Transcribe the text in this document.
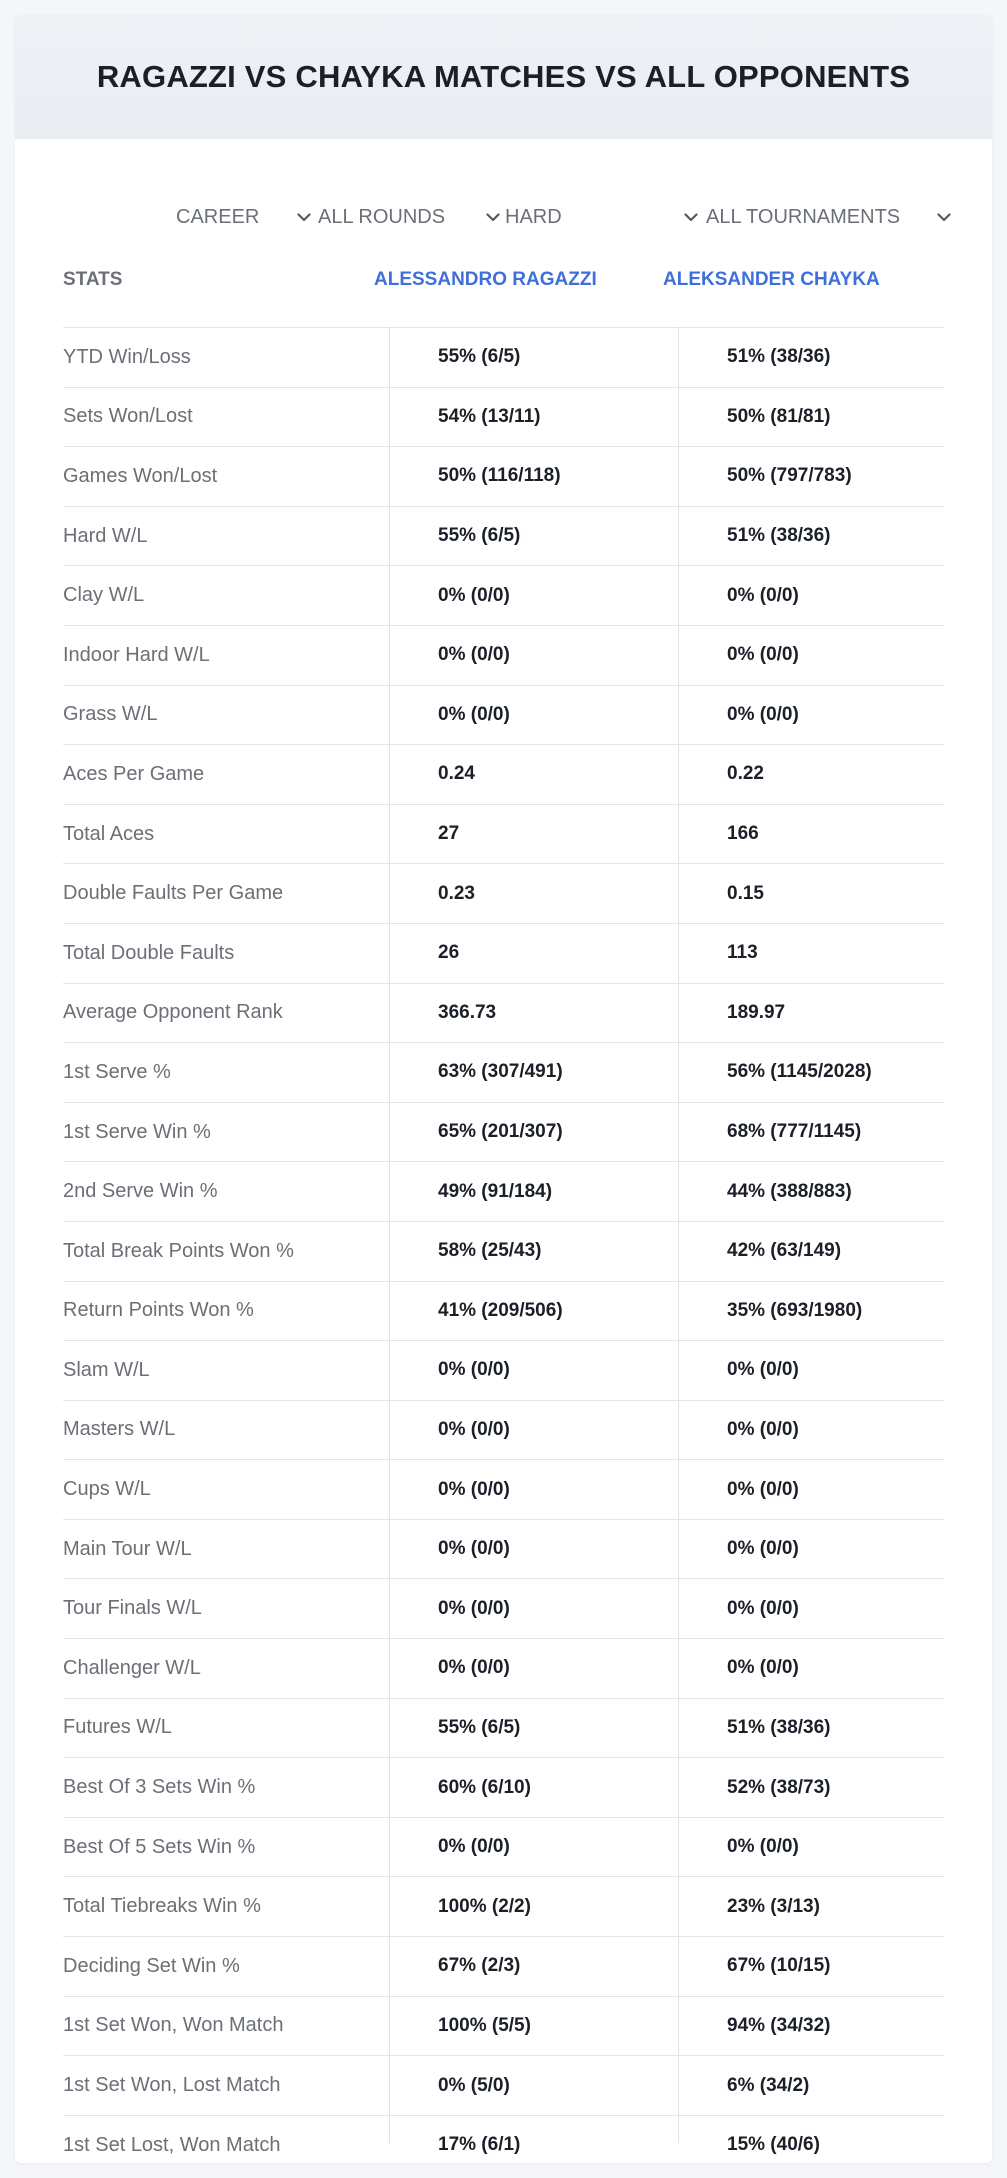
RAGAZZI VS CHAYKA MATCHES VS ALL OPPONENTS
CAREER	ALL ROUNDS	HARD	ALL TOURNAMENTS
STATS	ALESSANDRO RAGAZZI	ALEKSANDER CHAYKA
YTD Win/Loss	55% (6/5)	51% (38/36)
Sets Won/Lost	54% (13/11)	50% (81/81)
Games Won/Lost	50% (116/118)	50% (797/783)
Hard W/L	55% (6/5)	51% (38/36)
Clay W/L	0% (0/0)	0% (0/0)
Indoor Hard W/L	0% (0/0)	0% (0/0)
Grass W/L	0% (0/0)	0% (0/0)
Aces Per Game	0.24	0.22
Total Aces	27	166
Double Faults Per Game	0.23	0.15
Total Double Faults	26	113
Average Opponent Rank	366.73	189.97
1st Serve %	63% (307/491)	56% (1145/2028)
1st Serve Win %	65% (201/307)	68% (777/1145)
2nd Serve Win %	49% (91/184)	44% (388/883)
Total Break Points Won %	58% (25/43)	42% (63/149)
Return Points Won %	41% (209/506)	35% (693/1980)
Slam W/L	0% (0/0)	0% (0/0)
Masters W/L	0% (0/0)	0% (0/0)
Cups W/L	0% (0/0)	0% (0/0)
Main Tour W/L	0% (0/0)	0% (0/0)
Tour Finals W/L	0% (0/0)	0% (0/0)
Challenger W/L	0% (0/0)	0% (0/0)
Futures W/L	55% (6/5)	51% (38/36)
Best Of 3 Sets Win %	60% (6/10)	52% (38/73)
Best Of 5 Sets Win %	0% (0/0)	0% (0/0)
Total Tiebreaks Win %	100% (2/2)	23% (3/13)
Deciding Set Win %	67% (2/3)	67% (10/15)
1st Set Won, Won Match	100% (5/5)	94% (34/32)
1st Set Won, Lost Match	0% (5/0)	6% (34/2)
1st Set Lost, Won Match	17% (6/1)	15% (40/6)
